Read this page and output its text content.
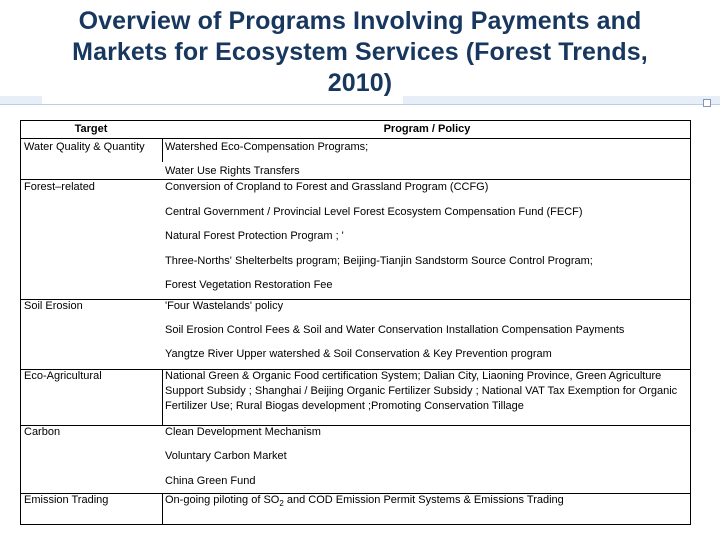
Overview of Programs Involving Payments and
Markets for Ecosystem Services (Forest Trends,
2010)
Target	Program / Policy
Water Quality & Quantity	Watershed Eco-Compensation Programs;
Water Use Rights Transfers
Forest–related	Conversion of Cropland to Forest and Grassland Program (CCFG)
Central Government / Provincial Level Forest Ecosystem Compensation Fund (FECF)
Natural Forest Protection Program ; '
Three-Norths' Shelterbelts program; Beijing-Tianjin Sandstorm Source Control Program;
Forest Vegetation Restoration Fee
Soil Erosion	'Four Wastelands' policy
Soil Erosion Control Fees & Soil and Water Conservation Installation Compensation Payments
Yangtze River Upper watershed & Soil Conservation & Key Prevention program
Eco-Agricultural	National Green & Organic Food certification System; Dalian City, Liaoning Province, Green Agriculture Support Subsidy ; Shanghai / Beijing Organic Fertilizer Subsidy ; National VAT Tax Exemption for Organic Fertilizer Use; Rural Biogas development ;Promoting Conservation Tillage
Carbon	Clean Development Mechanism
Voluntary Carbon Market
China Green Fund
Emission Trading	On-going piloting of $SO_2$ and COD Emission Permit Systems & Emissions Trading
